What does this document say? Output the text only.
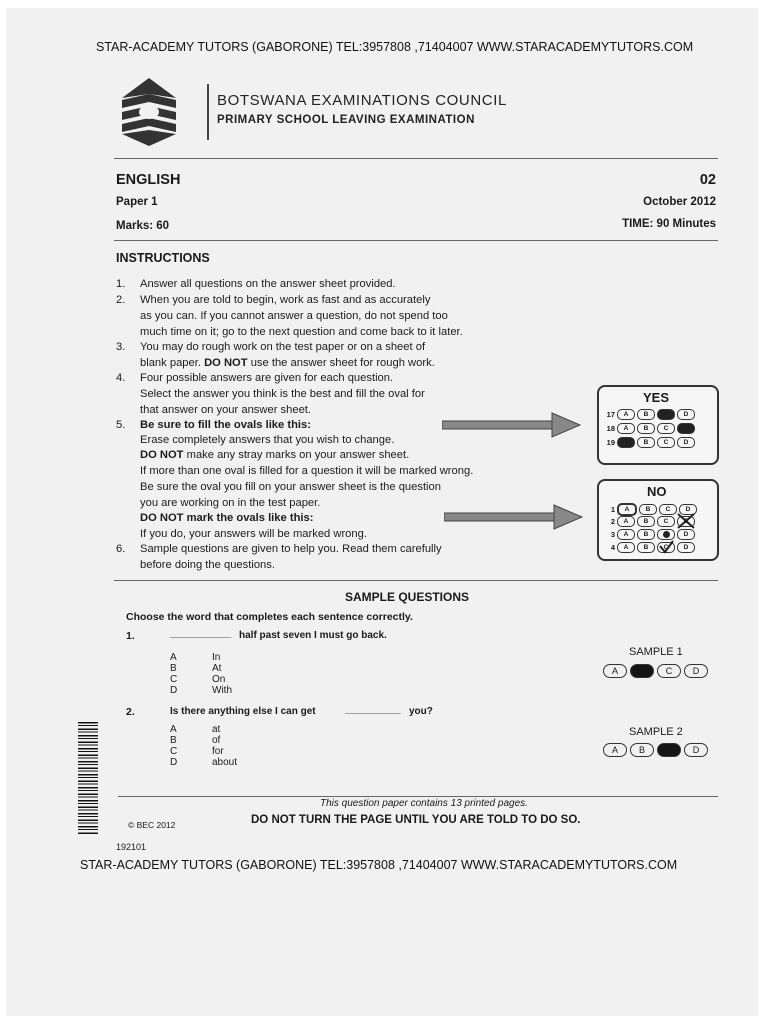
STAR-ACADEMY TUTORS (GABORONE) TEL:3957808 ,71404007 WWW.STARACADEMYTUTORS.COM
BOTSWANA EXAMINATIONS COUNCIL
PRIMARY SCHOOL LEAVING EXAMINATION
ENGLISH
Paper 1
Marks: 60
02
October 2012
TIME: 90 Minutes
INSTRUCTIONS
1. Answer all questions on the answer sheet provided.
2. When you are told to begin, work as fast and as accurately
as you can. If you cannot answer a question, do not spend too
much time on it; go to the next question and come back to it later.
3. You may do rough work on the test paper or on a sheet of
blank paper. DO NOT use the answer sheet for rough work.
4. Four possible answers are given for each question.
Select the answer you think is the best and fill the oval for
that answer on your answer sheet.
5. Be sure to fill the ovals like this:
Erase completely answers that you wish to change.
DO NOT make any stray marks on your answer sheet.
If more than one oval is filled for a question it will be marked wrong.
Be sure the oval you fill on your answer sheet is the question
you are working on in the test paper.
DO NOT mark the ovals like this:
If you do, your answers will be marked wrong.
6. Sample questions are given to help you. Read them carefully
before doing the questions.
YES
17	A	B	D
18	A	B	C
19	B	C	D
NO
1	A	B	C	D
2	A	B	C
3	A	B	D
4	A	B	C	D
SAMPLE QUESTIONS
Choose the word that completes each sentence correctly.
1.	___________ half past seven I must go back.
A	In
B	At
C	On
D	With
SAMPLE 1
A	C	D
2.	Is there anything else I can get	__________ you?
A	at
B	of
C	for
D	about
SAMPLE 2
A	B	D
This question paper contains 13 printed pages.
© BEC 2012	DO NOT TURN THE PAGE UNTIL YOU ARE TOLD TO DO SO.
192101
STAR-ACADEMY TUTORS (GABORONE) TEL:3957808 ,71404007 WWW.STARACADEMYTUTORS.COM
